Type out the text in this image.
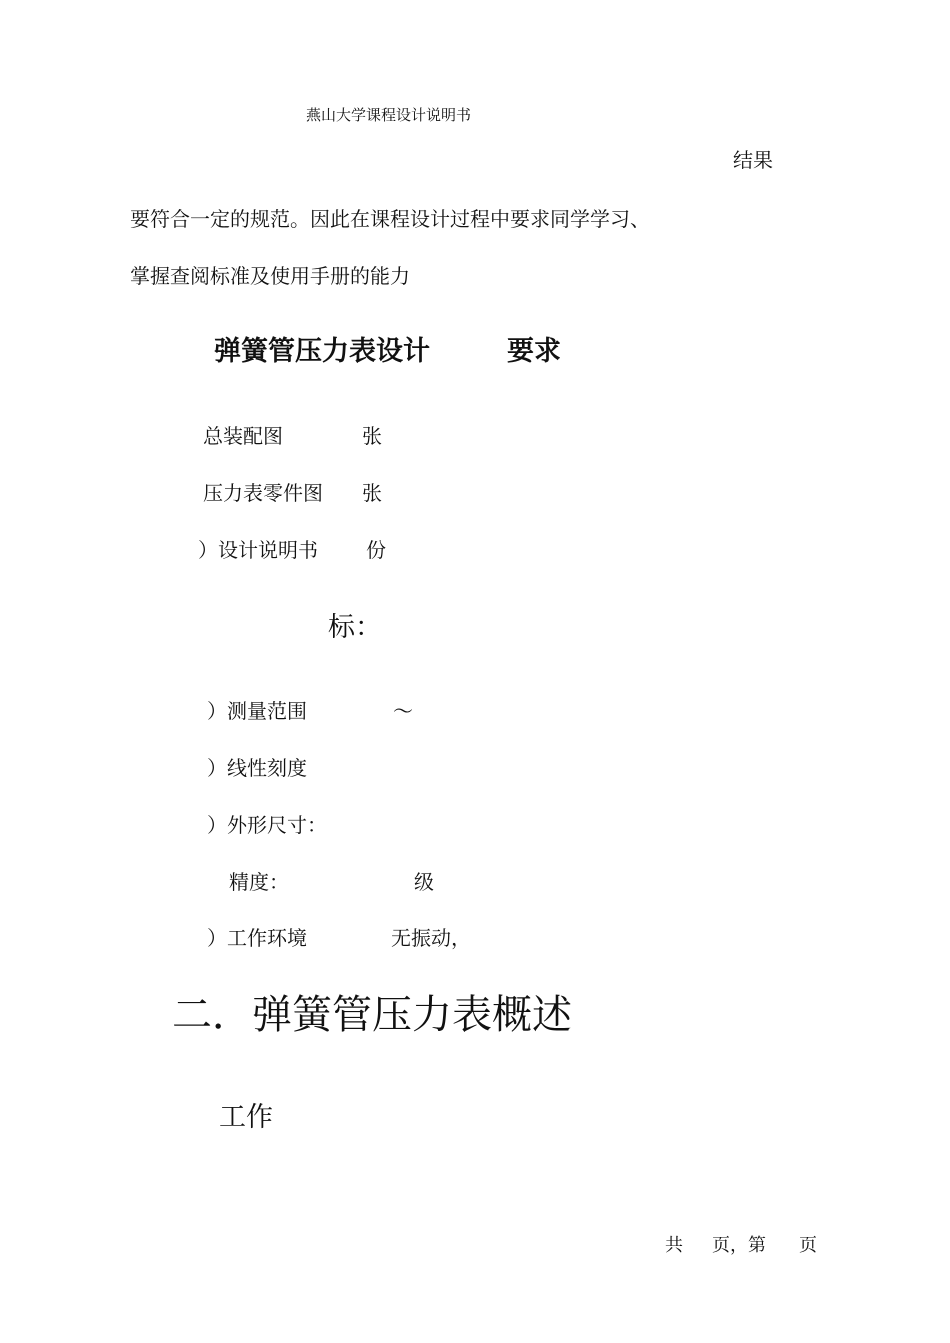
燕山大学课程设计说明书
结果
要符合一定的规范。因此在课程设计过程中要求同学学习、
掌握查阅标准及使用手册的能力
弹簧管压力表设计	要求
总装配图	张
压力表零件图 张
）设计说明书 份
标：
）测量范围	～
）线性刻度
）外形尺寸：
精度：	级
）工作环境	无振动，
二．弹簧管压力表概述
工作
共 页，第 页
